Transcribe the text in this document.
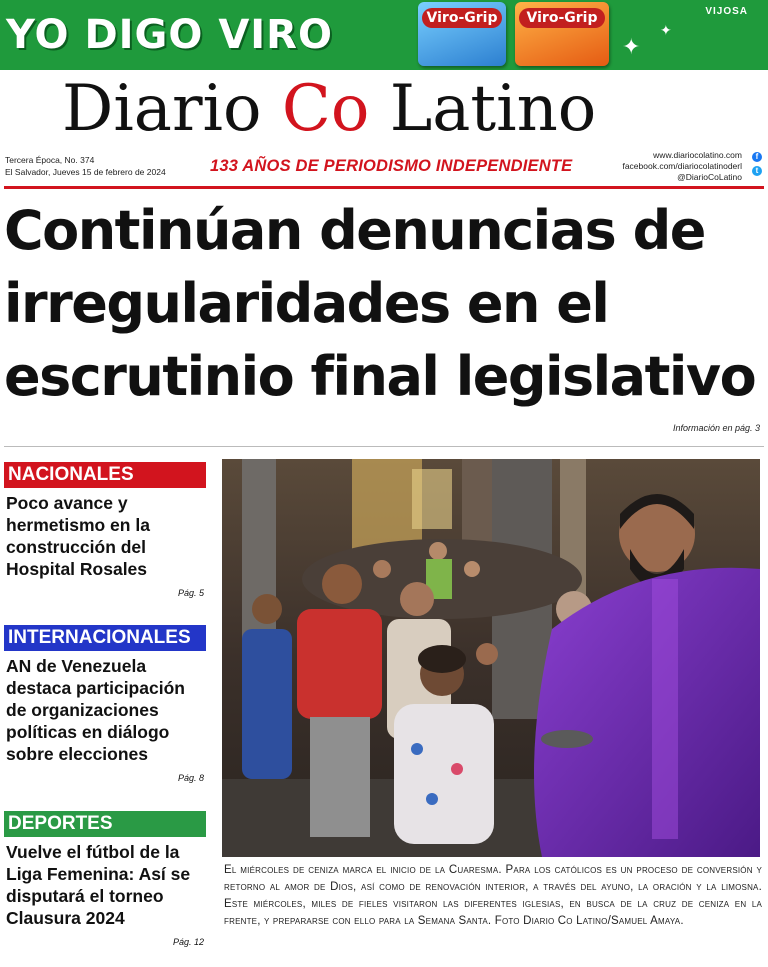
YO DIGO VIRO	Viro-Grip	Viro-Grip
✦
✦
VIJOSA
Diario Co Latino
Tercera Época, No. 374
El Salvador, Jueves 15 de febrero de 2024	133 AÑOS DE PERIODISMO INDEPENDIENTE
www.diariocolatino.com
facebook.com/diariocolatinoderl
@DiarioCoLatino
f
t
Continúan denuncias de irregularidades en el escrutinio final legislativo
Información en pág. 3
NACIONALES
Poco avance y hermetismo en la construcción del Hospital Rosales
Pág. 5
INTERNACIONALES
AN de Venezuela destaca participación de organizaciones políticas en diálogo sobre elecciones
Pág. 8
DEPORTES
Vuelve el fútbol de la Liga Femenina: Así se disputará el torneo Clausura 2024
Pág. 12
El miércoles de ceniza marca el inicio de la Cuaresma. Para los católicos es un proceso de conversión y retorno al amor de Dios, así como de renovación interior, a través del ayuno, la oración y la limosna. Este miércoles, miles de fieles visitaron las diferentes iglesias, en busca de la cruz de ceniza en la frente, y prepararse con ello para la Semana Santa. Foto Diario Co Latino/Samuel Amaya.
